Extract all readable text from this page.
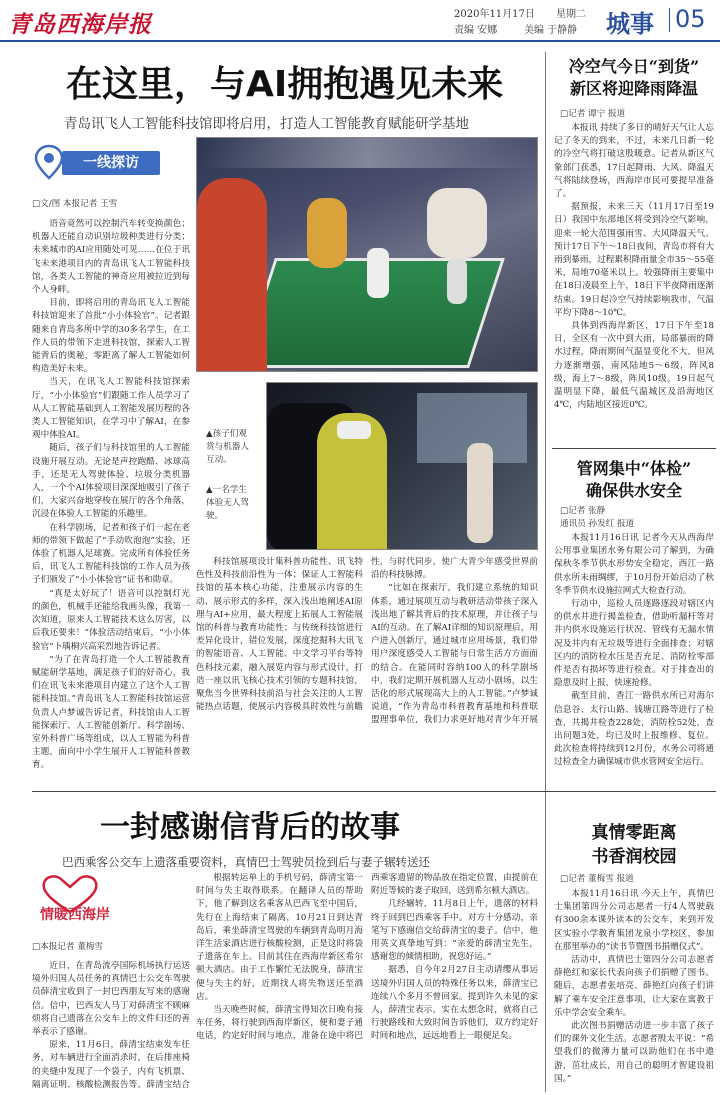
青岛西海岸报	2020年11月17日 星期二
责编 安娜	美编 于静静 城事 05
在这里，与AI拥抱遇见未来
青岛讯飞人工智能科技馆即将启用，打造人工智能教育赋能研学基地
一线探访
□文/图 本报记者 王雪

语音竟然可以控制汽车转变换颜色；机器人还能自动识别垃圾种类进行分类；未来城市的AI应用随处可见……在位于讯飞未来港项目内的青岛讯飞人工智能科技馆，各类人工智能的神奇应用被拉近到每个人身畔。

目前，即将启用的青岛讯飞人工智能科技馆迎来了首批“小小体验官”。记者跟随来自青岛多所中学的30多名学生，在工作人员的带领下走进科技馆，探索人工智能背后的奥秘，零距离了解人工智能如何构造美好未来。

当天，在讯飞人工智能科技馆探索厅，“小小体验官”们跟随工作人员学习了从人工智能基础到人工智能发展历程的各类人工智能知识，在学习中了解AI，在参观中体验AI。

随后，孩子们与科技馆里的人工智能设施开展互动。无论是声控跑酷、冰球高手，还是无人驾驶体验、垃圾分类机器人，一个个AI体验项目深深地吸引了孩子们，大家兴奋地穿梭在展厅的各个角落，沉浸在体验人工智能的乐趣里。

在科学剧场，记者和孩子们一起在老师的带领下做起了“手动吹泡泡”实验，还体验了机器人足球赛。完成所有体验任务后，讯飞人工智能科技馆的工作人员为孩子们颁发了“小小体验官”证书和勋章。

“真是太好玩了！语音可以控制灯光的颜色，机械手还能给我画头像，我第一次知道，原来人工智能技术这么厉害，以后我还要来！”体验活动结束后，“小小体验官”卜瑀桐兴高采烈地告诉记者。

“为了在青岛打造一个人工智能教育赋能研学基地，满足孩子们的好奇心，我们在讯飞未来港项目内建立了这个人工智能科技馆。”青岛讯飞人工智能科技馆运营负责人卢梦诚告诉记者，科技馆由人工智能探索厅、人工智能创新厅、科学剧场、室外科普广场等组成，以人工智能为科普主题，面向中小学生展开人工智能科普教育。

▲孩子们观赏与机器人互动。
▲一名学生体验无人驾驶。

科技馆展项设计集科普功能性、讯飞特色性及科技前沿性为一体；保证人工智能科技馆的基本核心功能，注重展示内容的生动、展示形式的多样，深入浅出地阐述AI原理与AI+应用，最大程度上拓展人工智能展馆的科普与教育功能性；与传统科技馆进行差异化设计，错位发展，深度挖掘科大讯飞的智能语音、人工智能、中文学习平台等特色科技元素，融入展览内容与形式设计，打造一座以讯飞核心技术引领的专题科技馆，聚焦当今世界科技前沿与社会关注的人工智能热点话题，使展示内容极具时效性与前瞻性，与时代同步，使广大青少年感受世界前沿的科技脉搏。

“比如在探索厅，我们建立系统的知识体系，通过展项互动与教研活动带孩子深入浅出地了解其背后的技术原理，并让孩子与AI的互动。在了解AI详细的知识原理后，用户进入创新厅，通过城市应用场景，我们带用户深度感受人工智能与日常生活方方面面的结合。在能同时容纳100人的科学剧场中，我们定期开展机器人互动小剧场，以生活化的形式展现高大上的人工智能。”卢梦诚说道，“作为青岛市科普教育基地和科普联盟理事单位，我们力求更好地对青少年开展

冷空气今日“到货”
新区将迎降雨降温
□记者 谭宁 报道

本报讯 持续了多日的晴好天气让人忘记了冬天的到来，不过，未来几日新一轮的冷空气将打破这股暖意。记者从新区气象部门获悉，17日起降雨、大风、降温天气将陆续登场，西海岸市民可要提早准备了。

据预报，未来三天（11月17日至19日）我国中东部地区将受到冷空气影响，迎来一轮大范围强雨雪、大风降温天气。预计17日下午～18日夜间，青岛市将有大雨到暴雨，过程累积降雨量全市35～55毫米，局地70毫米以上。较强降雨主要集中在18日凌晨至上午，18日下半夜降雨逐渐结束。19日起冷空气持续影响我市，气温平均下降8～10℃。

具体到西海岸新区，17日下午至18日，全区有一次中到大雨，局部暴雨的降水过程，降雨期间气温显变化不大，但风力逐渐增强，南风陆地5～6级，阵风8级，海上7～8级，阵风10级。19日起气温明显下降，最低气温城区及沿海地区4℃，内陆地区接近0℃。

管网集中“体检”
确保供水安全
□记者 张静
通讯员 孙发红 报道

本报11月16日讯 记者今天从西海岸公用事业集团水务有限公司了解到，为确保秋冬季节供水形势安全稳定，西江一路供水所未雨绸缪，于10月份开始启动了秋冬季节供水设施拉网式大检查行动。

行动中，巡检人员逐路逐段对辖区内的供水井进行揭盖检查，借助听漏杆等对井内供水设施运行状况、管线有无漏水情况及井内有无垃圾等进行全面排查；对辖区内的消防栓水压是否充足、消防栓零部件是否有损坏等进行检查。对于排查出的隐患及时上报，快速抢修。

截至目前，香江一路供水所已对海尔信息谷、太行山路、钱塘江路等进行了检查，共揭井检查228处，消防栓52处，查出问题3处，均已及时上报维修、复位。此次检查将持续到12月份，水务公司将通过检查全力确保城市供水管网安全运行。

一封感谢信背后的故事
巴西乘客公交车上遗落重要资料，真情巴士驾驶员捡到后与妻子辗转送还
情暖西海岸
□本报记者 董梅雪

近日，在青岛流亭国际机场执行运送境外归国人员任务的真情巴士公交车驾驶员薛清宝收到了一封巴西朋友写来的感谢信。信中，巴西友人马丁对薛清宝不顾麻烦将自己遗落在公交车上的文件归还的善举表示了感谢。

原来，11月6日，薛清宝结束发车任务，对车辆进行全面消杀时，在后排座椅的夹缝中发现了一个袋子，内有飞机票、隔离证明、核酸检测报告等。薛清宝结合

根据转运单上的手机号码，薛清宝第一时间与失主取得联系。在翻译人员的帮助下，他了解到这名乘客从巴西飞至中国后，先行在上海结束了隔离，10月21日到达青岛后，乘坐薛清宝驾驶的车辆到青岛明月海洋生活家酒店进行核酸检测，正是这时将袋子遗落在车上。目前其住在西海岸新区希尔顿大酒店。由于工作繁忙无法脱身，薛清宝便与失主约好，近期找人将失物送还至酒店。

当天晚些时候，薛清宝得知次日晚有接车任务，将行驶到西海岸新区，便和妻子通电话，约定好时间与地点，准备在途中将巴西乘客遗留的物品放在指定位置，由提前在附近等候的妻子取回，送到希尔顿大酒店。

几经辗转，11月8日上午，遗落的材料终于回到巴西乘客手中。对方十分感动，亲笔写下感谢信交给薛清宝的妻子。信中，他用英文真挚地写到：“亲爱的薛清宝先生，感谢您的倾情相助，祝您好运。”

据悉，自今年2月27日主动请缨从事运送境外归国人员的特殊任务以来，薛清宝已连续八个多月不曾回家。提到许久未见的家人，薛清宝表示，实在太想念时，就将自己行驶路线和大致时间告诉他们，双方约定好时间和地点，远远地看上一眼便足矣。

真情零距离
书香润校园
□记者 董梅雪 报道

本报11月16日讯 今天上午，真情巴士集团第四分公司志愿者一行4人驾驶载有300余本课外读本的公交车，来到开发区实验小学教育集团龙泉小学校区，参加在那里举办的“读书节暨图书捐赠仪式”。

活动中，真情巴士第四分公司志愿者薛艳红和家长代表向孩子们捐赠了图书。随后，志愿者张培亮、薛艳红向孩子们讲解了乘车安全注意事项，让大家在寓教于乐中学会安全乘车。

此次图书捐赠活动进一步丰富了孩子们的课外文化生活。志愿者殷太平说：“希望我们的微薄力量可以助他们在书中遨游，茁壮成长，用自己的聪明才智建设祖国。”
